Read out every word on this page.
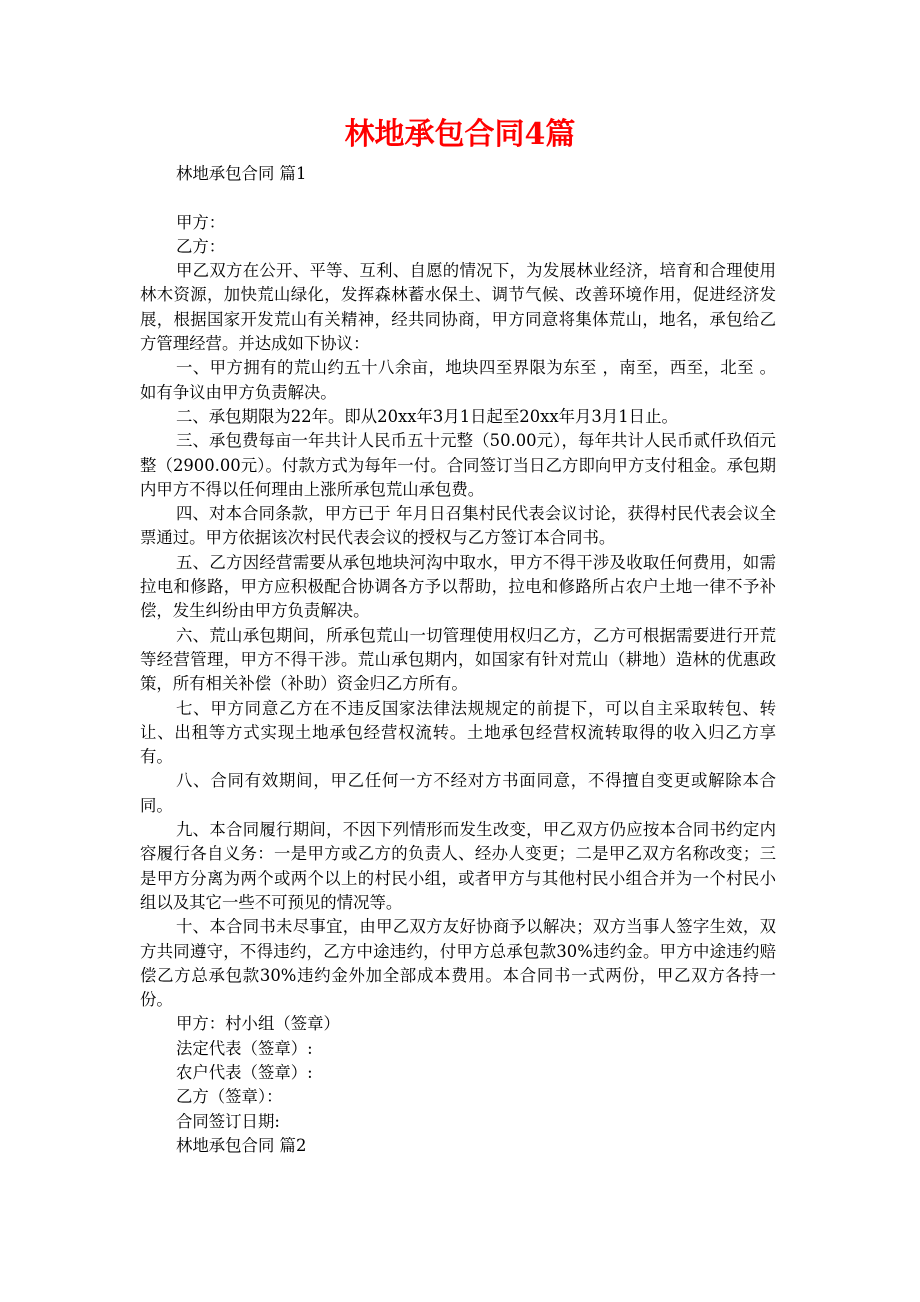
林地承包合同4篇

林地承包合同 篇1

甲方：

乙方：

甲乙双方在公开、平等、互利、自愿的情况下，为发展林业经济，培育和合理使用林木资源，加快荒山绿化，发挥森林蓄水保土、调节气候、改善环境作用，促进经济发展，根据国家开发荒山有关精神，经共同协商，甲方同意将集体荒山，地名，承包给乙方管理经营。并达成如下协议：

一、甲方拥有的荒山约五十八余亩，地块四至界限为东至 ，南至，西至，北至 。如有争议由甲方负责解决。

二、承包期限为22年。即从20xx年3月1日起至20xx年月3月1日止。

三、承包费每亩一年共计人民币五十元整（50.00元），每年共计人民币贰仟玖佰元整（2900.00元）。付款方式为每年一付。合同签订当日乙方即向甲方支付租金。承包期内甲方不得以任何理由上涨所承包荒山承包费。

四、对本合同条款，甲方已于 年月日召集村民代表会议讨论，获得村民代表会议全票通过。甲方依据该次村民代表会议的授权与乙方签订本合同书。

五、乙方因经营需要从承包地块河沟中取水，甲方不得干涉及收取任何费用，如需拉电和修路，甲方应积极配合协调各方予以帮助，拉电和修路所占农户土地一律不予补偿，发生纠纷由甲方负责解决。

六、荒山承包期间，所承包荒山一切管理使用权归乙方，乙方可根据需要进行开荒等经营管理，甲方不得干涉。荒山承包期内，如国家有针对荒山（耕地）造林的优惠政策，所有相关补偿（补助）资金归乙方所有。

七、甲方同意乙方在不违反国家法律法规规定的前提下，可以自主采取转包、转让、出租等方式实现土地承包经营权流转。土地承包经营权流转取得的收入归乙方享有。

八、合同有效期间，甲乙任何一方不经对方书面同意，不得擅自变更或解除本合同。

九、本合同履行期间，不因下列情形而发生改变，甲乙双方仍应按本合同书约定内容履行各自义务：一是甲方或乙方的负责人、经办人变更；二是甲乙双方名称改变；三是甲方分离为两个或两个以上的村民小组，或者甲方与其他村民小组合并为一个村民小组以及其它一些不可预见的情况等。

十、本合同书未尽事宜，由甲乙双方友好协商予以解决；双方当事人签字生效，双方共同遵守，不得违约，乙方中途违约，付甲方总承包款30%违约金。甲方中途违约赔偿乙方总承包款30%违约金外加全部成本费用。本合同书一式两份，甲乙双方各持一份。

甲方：村小组（签章）

法定代表（签章）:

农户代表（签章）:

乙方（签章）：

合同签订日期:

林地承包合同 篇2
